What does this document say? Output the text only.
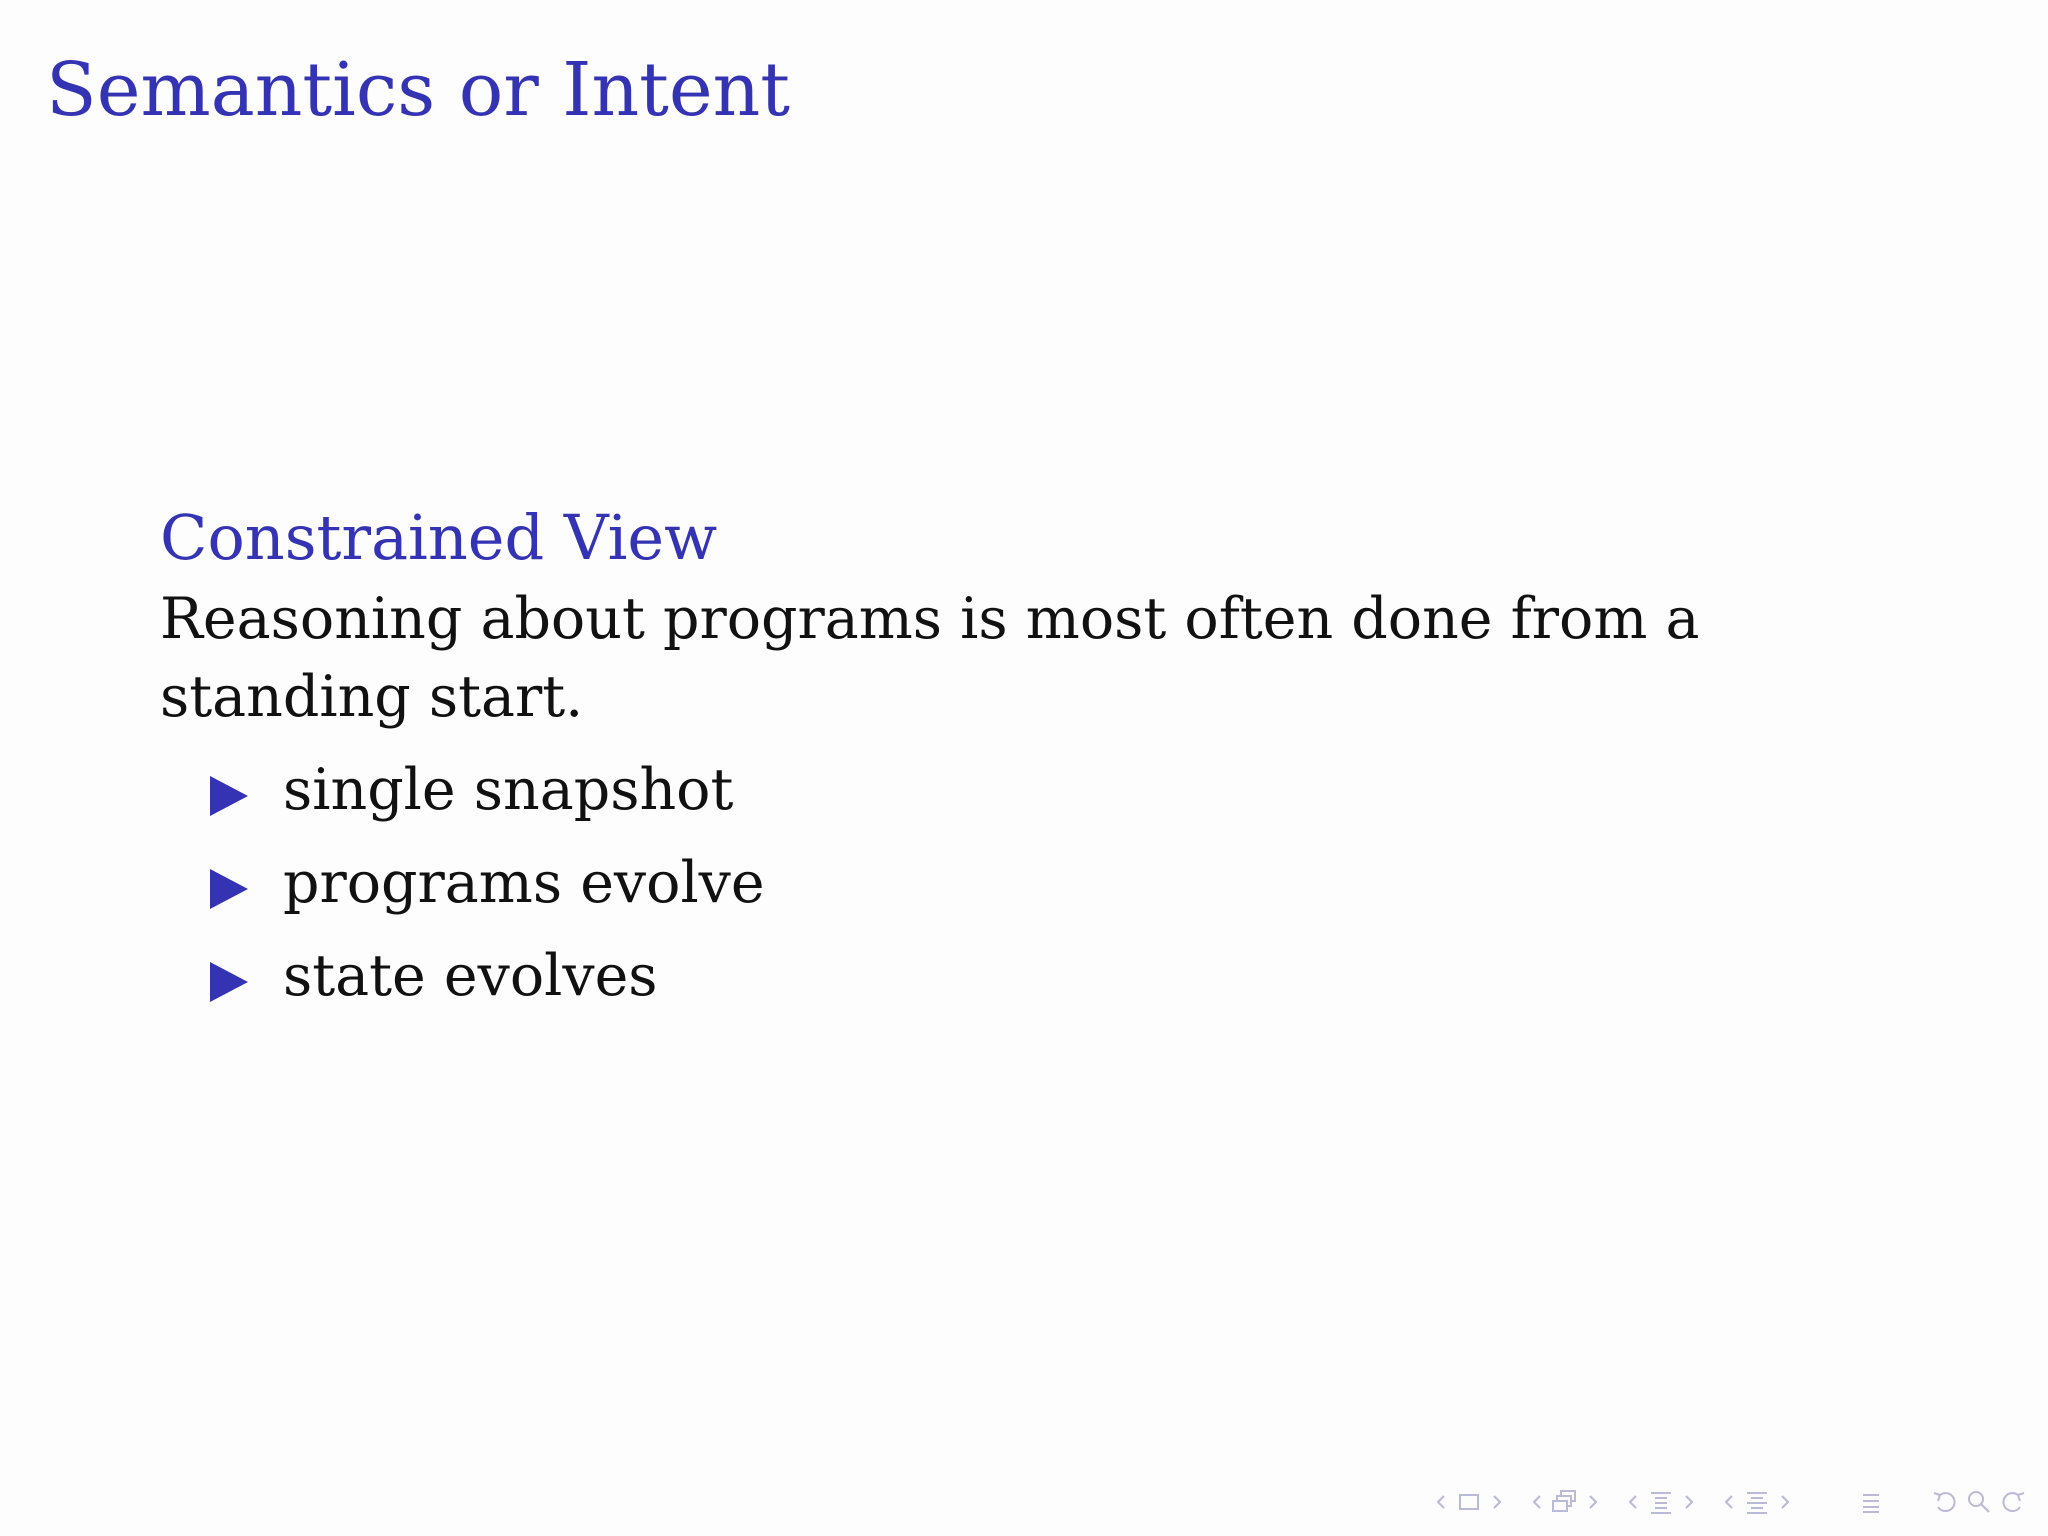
Semantics or Intent
Constrained View

Reasoning about programs is most often done from a standing start.

single snapshot
programs evolve
state evolves
